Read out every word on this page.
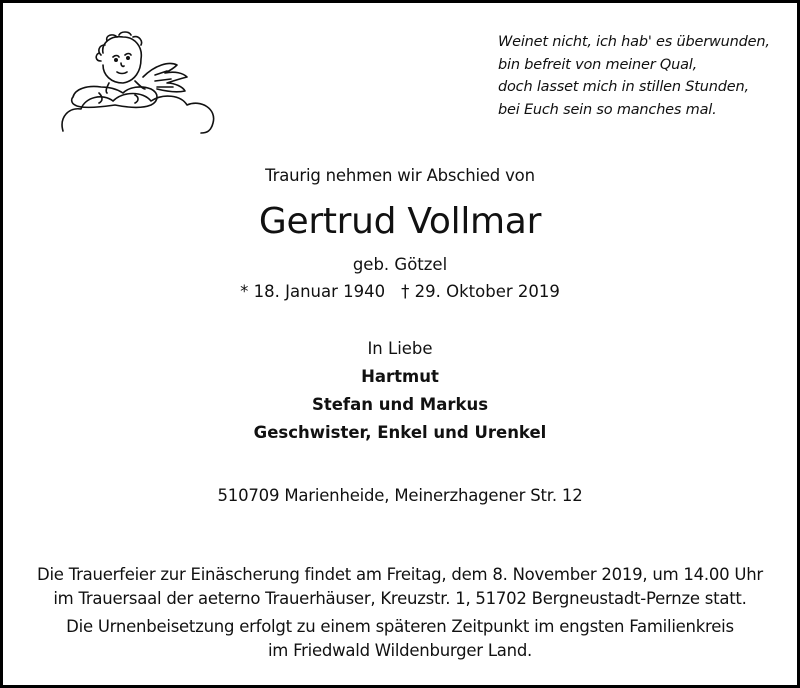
Weinet nicht, ich hab' es überwunden,
bin befreit von meiner Qual,
doch lasset mich in stillen Stunden,
bei Euch sein so manches mal.
Traurig nehmen wir Abschied von
Gertrud Vollmar
geb. Götzel
* 18. Januar 1940 † 29. Oktober 2019
In Liebe
Hartmut
Stefan und Markus
Geschwister, Enkel und Urenkel
510709 Marienheide, Meinerzhagener Str. 12
Die Trauerfeier zur Einäscherung findet am Freitag, dem 8. November 2019, um 14.00 Uhr
im Trauersaal der aeterno Trauerhäuser, Kreuzstr. 1, 51702 Bergneustadt-Pernze statt.
Die Urnenbeisetzung erfolgt zu einem späteren Zeitpunkt im engsten Familienkreis
im Friedwald Wildenburger Land.
